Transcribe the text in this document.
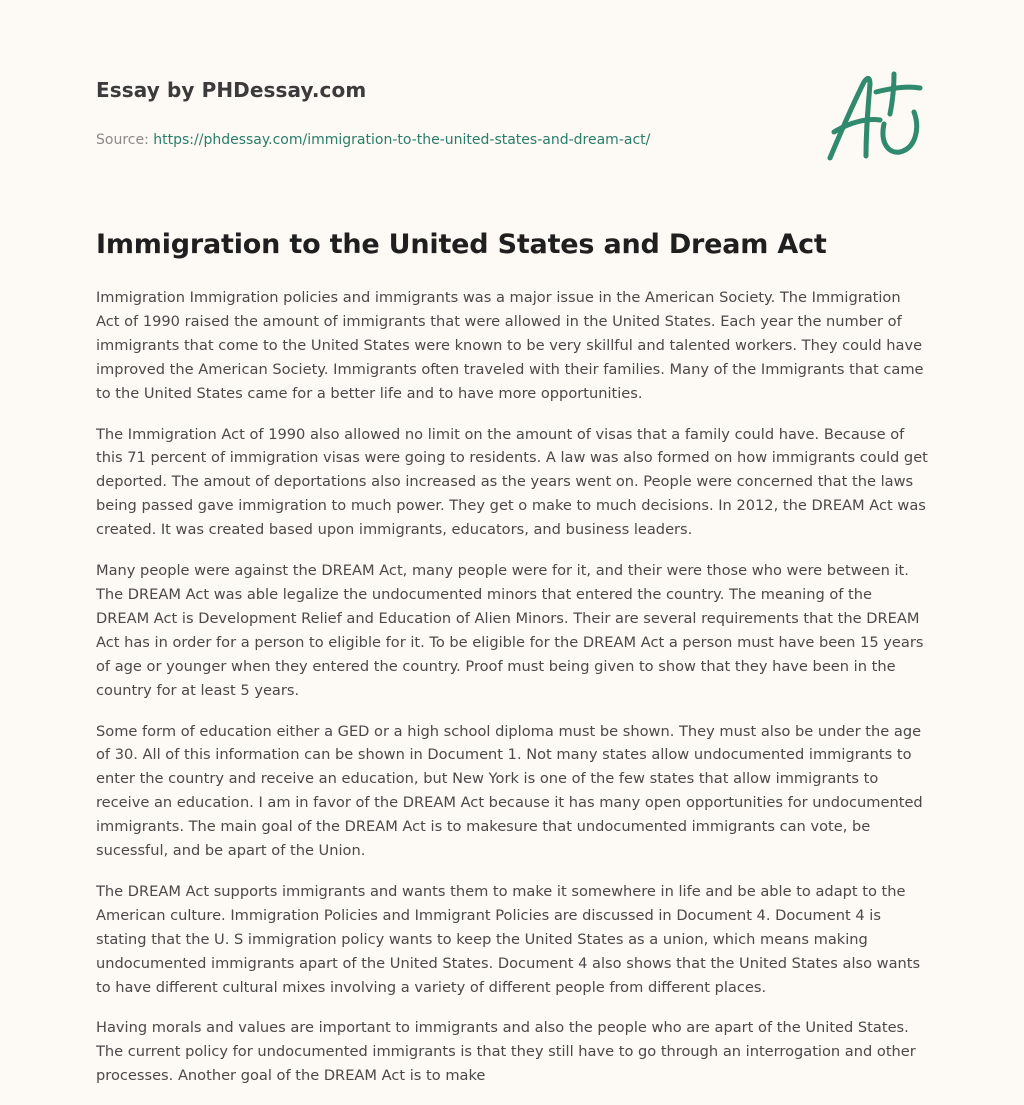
Essay by PHDessay.com
Source: https://phdessay.com/immigration-to-the-united-states-and-dream-act/
Immigration to the United States and Dream Act

Immigration Immigration policies and immigrants was a major issue in the American Society. The Immigration Act of 1990 raised the amount of immigrants that were allowed in the United States. Each year the number of immigrants that come to the United States were known to be very skillful and talented workers. They could have improved the American Society. Immigrants often traveled with their families. Many of the Immigrants that came to the United States came for a better life and to have more opportunities.

The Immigration Act of 1990 also allowed no limit on the amount of visas that a family could have. Because of this 71 percent of immigration visas were going to residents. A law was also formed on how immigrants could get deported. The amout of deportations also increased as the years went on. People were concerned that the laws being passed gave immigration to much power. They get o make to much decisions. In 2012, the DREAM Act was created. It was created based upon immigrants, educators, and business leaders.

Many people were against the DREAM Act, many people were for it, and their were those who were between it. The DREAM Act was able legalize the undocumented minors that entered the country. The meaning of the DREAM Act is Development Relief and Education of Alien Minors. Their are several requirements that the DREAM Act has in order for a person to eligible for it. To be eligible for the DREAM Act a person must have been 15 years of age or younger when they entered the country. Proof must being given to show that they have been in the country for at least 5 years.

Some form of education either a GED or a high school diploma must be shown. They must also be under the age of 30. All of this information can be shown in Document 1. Not many states allow undocumented immigrants to enter the country and receive an education, but New York is one of the few states that allow immigrants to receive an education. I am in favor of the DREAM Act because it has many open opportunities for undocumented immigrants. The main goal of the DREAM Act is to makesure that undocumented immigrants can vote, be sucessful, and be apart of the Union.

The DREAM Act supports immigrants and wants them to make it somewhere in life and be able to adapt to the American culture. Immigration Policies and Immigrant Policies are discussed in Document 4. Document 4 is stating that the U. S immigration policy wants to keep the United States as a union, which means making undocumented immigrants apart of the United States. Document 4 also shows that the United States also wants to have different cultural mixes involving a variety of different people from different places.

Having morals and values are important to immigrants and also the people who are apart of the United States. The current policy for undocumented immigrants is that they still have to go through an interrogation and other processes. Another goal of the DREAM Act is to make
